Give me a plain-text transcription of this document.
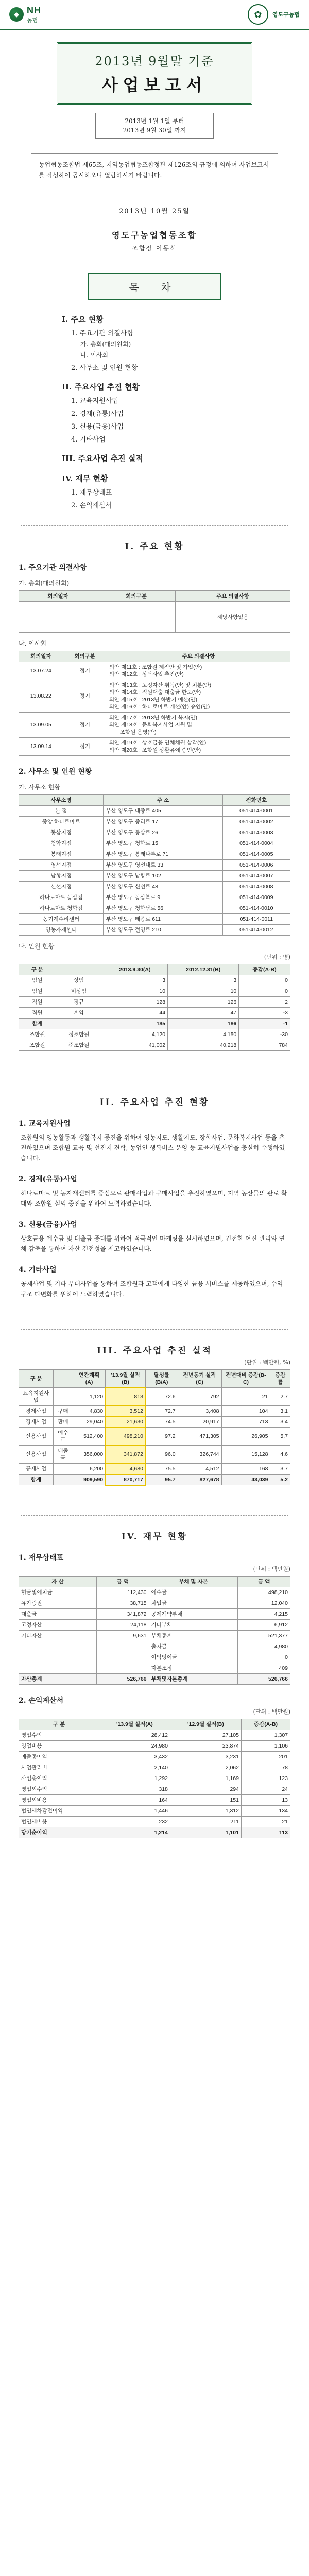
◆ NH
농협
✿	영도구농협
2013년 9월말 기준
사업보고서
2013년 1월 1일 부터
2013년 9월 30일 까지
농업협동조합법 제65조, 지역농업협동조합정관 제126조의 규정에 의하여 사업보고서를 작성하여 공시하오니 열람하시기 바랍니다.
2013년 10월 25일
영도구농업협동조합
조합장 이동석
목 차
I. 주요 현황
1. 주요기관 의결사항
가. 총회(대의원회)
나. 이사회
2. 사무소 및 인원 현황
II. 주요사업 추진 현황
1. 교육지원사업
2. 경제(유통)사업
3. 신용(금융)사업
4. 기타사업
III. 주요사업 추진 실적
IV. 재무 현황
1. 재무상태표
2. 손익계산서
I. 주요 현황
1. 주요기관 의결사항
가. 총회(대의원회)
회의일자	회의구분	주요 의결사항
		해당사항없음
나. 이사회
회의일자	회의구분	주요 의결사항
13.07.24	정기	의안 제11호 : 조합원 제적안 및 가입(안)
의안 제12호 : 상담사업 추진(안)

13.08.22	정기	의안 제13호 : 고정자산 취득(안) 및 처분(안)
의안 제14호 : 직원대출 대출금 한도(안)
의안 제15호 : 2013년 하반기 예산(안)
의안 제16호 : 하나로마트 개선(안) 승인(안)

13.09.05	정기	의안 제17호 : 2013년 하반기 복지(안)
의안 제18호 : 문화복지사업 지원 및
　　조합원 운영(안)

13.09.14	정기	의안 제19호 : 상호금융 연체채권 상각(안)
의안 제20호 : 조합원 상환유예 승인(안)
2. 사무소 및 인원 현황
가. 사무소 현황
사무소명	주 소	전화번호
본 점	부산 영도구 태종로 405	051-414-0001
중앙 하나로마트	부산 영도구 중리로 17	051-414-0002
동삼지점	부산 영도구 동삼로 26	051-414-0003
청학지점	부산 영도구 청학로 15	051-414-0004
봉래지점	부산 영도구 봉래나루로 71	051-414-0005
영선지점	부산 영도구 영선대로 33	051-414-0006
남항지점	부산 영도구 남항로 102	051-414-0007
신선지점	부산 영도구 신선로 48	051-414-0008
하나로마트 동삼점	부산 영도구 동삼북로 9	051-414-0009
하나로마트 청학점	부산 영도구 청학남로 56	051-414-0010
농기계수리센터	부산 영도구 태종로 611	051-414-0011
영농자재센터	부산 영도구 절영로 210	051-414-0012
나. 인원 현황
(단위 : 명)
구 분		2013.9.30(A)	2012.12.31(B)	증감(A-B)
임원	상임	3	3	0
임원	비상임	10	10	0
직원	정규	128	126	2
직원	계약	44	47	-3
합계		185	186	-1
조합원	정조합원	4,120	4,150	-30
조합원	준조합원	41,002	40,218	784
II. 주요사업 추진 현황
1. 교육지원사업
조합원의 영농활동과 생활복지 증진을 위하여 영농지도, 생활지도, 장학사업, 문화복지사업 등을 추진하였으며 조합원 교육 및 선진지 견학, 농업인 행복버스 운영 등 교육지원사업을 충실히 수행하였습니다.
2. 경제(유통)사업
하나로마트 및 농자재센터를 중심으로 판매사업과 구매사업을 추진하였으며, 지역 농산물의 판로 확대와 조합원 실익 증진을 위하여 노력하였습니다.
3. 신용(금융)사업
상호금융 예수금 및 대출금 증대를 위하여 적극적인 마케팅을 실시하였으며, 건전한 여신 관리와 연체 감축을 통하여 자산 건전성을 제고하였습니다.
4. 기타사업
공제사업 및 기타 부대사업을 통하여 조합원과 고객에게 다양한 금융 서비스를 제공하였으며, 수익 구조 다변화를 위하여 노력하였습니다.
III. 주요사업 추진 실적
(단위 : 백만원, %)
구 분		연간계획(A)	'13.9월 실적(B)	달성률(B/A)	전년동기 실적(C)	전년대비 증감(B-C)	증감률
교육지원사업		1,120	813	72.6	792	21	2.7
경제사업	구매	4,830	3,512	72.7	3,408	104	3.1
경제사업	판매	29,040	21,630	74.5	20,917	713	3.4
신용사업	예수금	512,400	498,210	97.2	471,305	26,905	5.7
신용사업	대출금	356,000	341,872	96.0	326,744	15,128	4.6
공제사업		6,200	4,680	75.5	4,512	168	3.7
합계		909,590	870,717	95.7	827,678	43,039	5.2
IV. 재무 현황
1. 재무상태표
(단위 : 백만원)
자 산	금 액	부채 및 자본	금 액
현금및예치금	112,430	예수금	498,210
유가증권	38,715	차입금	12,040
대출금	341,872	공제계약부채	4,215
고정자산	24,118	기타부채	6,912
기타자산	9,631	부채총계	521,377
		출자금	4,980
		이익잉여금	0
		자본조정	409
자산총계	526,766	부채및자본총계	526,766
2. 손익계산서
(단위 : 백만원)
구 분	'13.9월 실적(A)	'12.9월 실적(B)	증감(A-B)
영업수익	28,412	27,105	1,307
영업비용	24,980	23,874	1,106
매출총이익	3,432	3,231	201
사업관리비	2,140	2,062	78
사업총이익	1,292	1,169	123
영업외수익	318	294	24
영업외비용	164	151	13
법인세차감전이익	1,446	1,312	134
법인세비용	232	211	21
당기순이익	1,214	1,101	113
